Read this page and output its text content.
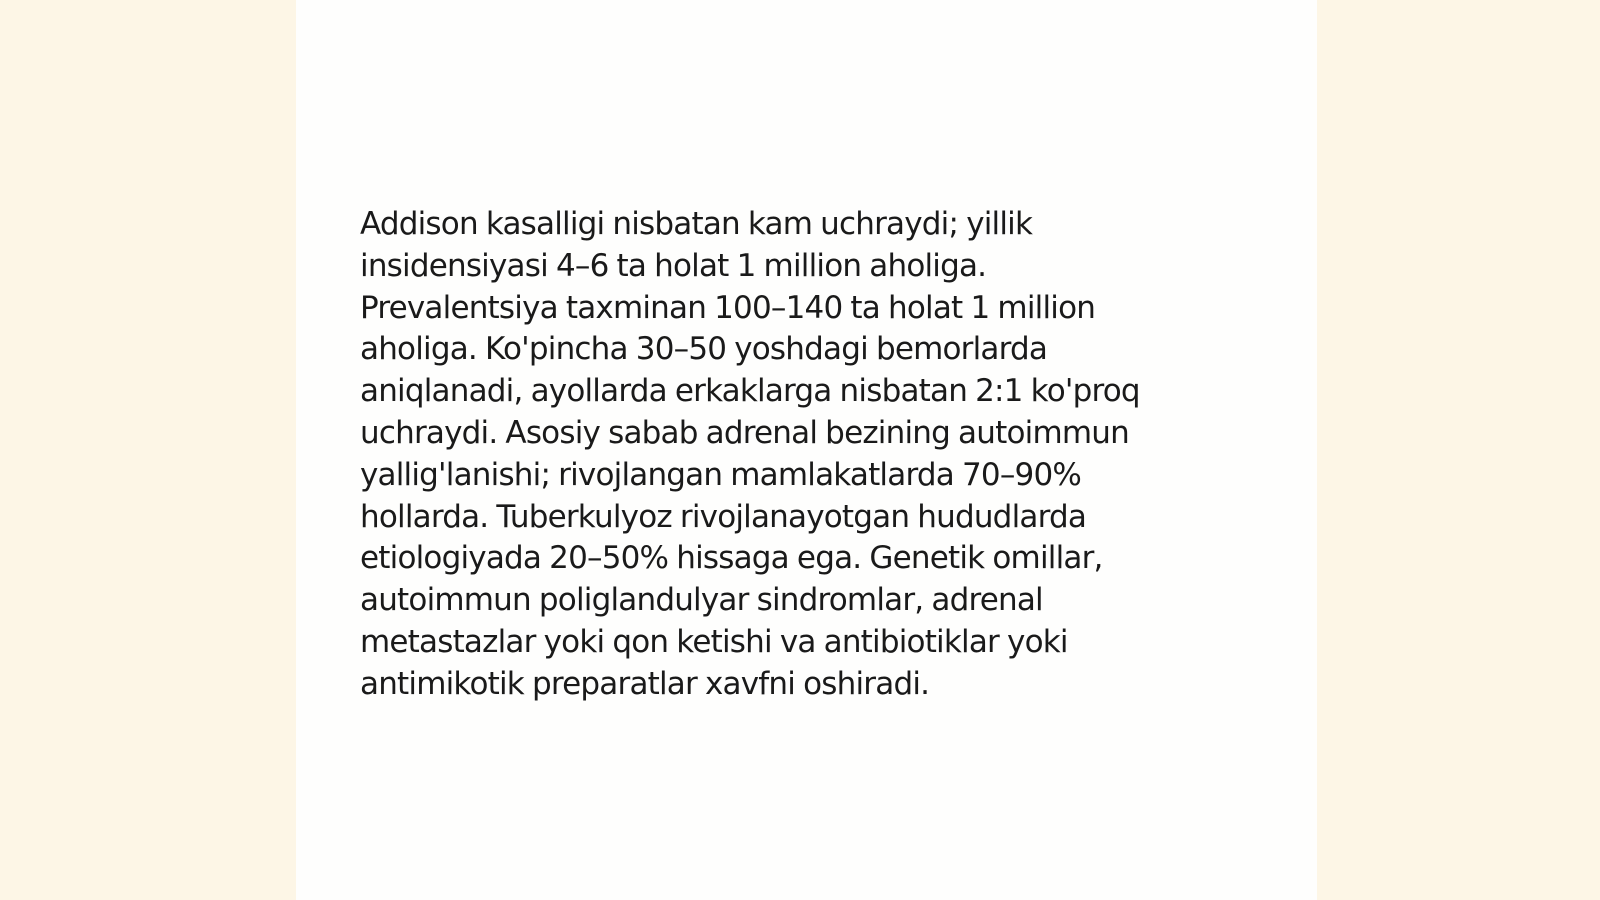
Addison kasalligi nisbatan kam uchraydi; yillik
insidensiyasi 4–6 ta holat 1 million aholiga.
Prevalentsiya taxminan 100–140 ta holat 1 million
aholiga. Ko'pincha 30–50 yoshdagi bemorlarda
aniqlanadi, ayollarda erkaklarga nisbatan 2:1 ko'proq
uchraydi. Asosiy sabab adrenal bezining autoimmun
yallig'lanishi; rivojlangan mamlakatlarda 70–90%
hollarda. Tuberkulyoz rivojlanayotgan hududlarda
etiologiyada 20–50% hissaga ega. Genetik omillar,
autoimmun poliglandulyar sindromlar, adrenal
metastazlar yoki qon ketishi va antibiotiklar yoki
antimikotik preparatlar xavfni oshiradi.
